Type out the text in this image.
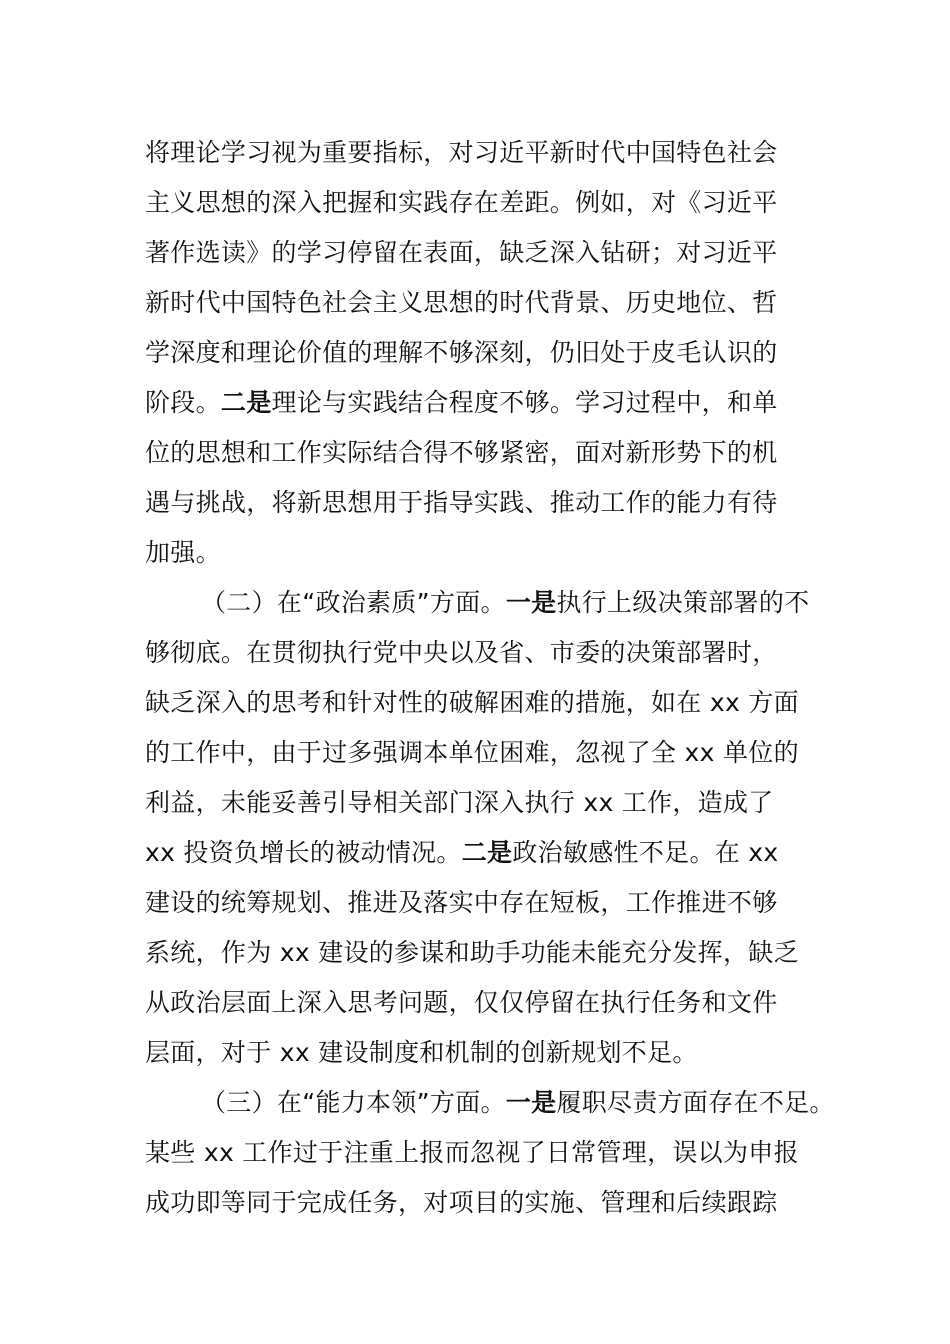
将理论学习视为重要指标，对习近平新时代中国特色社会
主义思想的深入把握和实践存在差距。例如，对《习近平
著作选读》的学习停留在表面，缺乏深入钻研；对习近平
新时代中国特色社会主义思想的时代背景、历史地位、哲
学深度和理论价值的理解不够深刻，仍旧处于皮毛认识的
阶段。二是理论与实践结合程度不够。学习过程中，和单
位的思想和工作实际结合得不够紧密，面对新形势下的机
遇与挑战，将新思想用于指导实践、推动工作的能力有待
加强。
（二）在“政治素质”方面。一是执行上级决策部署的不
够彻底。在贯彻执行党中央以及省、市委的决策部署时，
缺乏深入的思考和针对性的破解困难的措施，如在 xx 方面
的工作中，由于过多强调本单位困难，忽视了全 xx 单位的
利益，未能妥善引导相关部门深入执行 xx 工作，造成了
xx 投资负增长的被动情况。二是政治敏感性不足。在 xx
建设的统筹规划、推进及落实中存在短板，工作推进不够
系统，作为 xx 建设的参谋和助手功能未能充分发挥，缺乏
从政治层面上深入思考问题，仅仅停留在执行任务和文件
层面，对于 xx 建设制度和机制的创新规划不足。
（三）在“能力本领”方面。一是履职尽责方面存在不足。
某些 xx 工作过于注重上报而忽视了日常管理，误以为申报
成功即等同于完成任务，对项目的实施、管理和后续跟踪
